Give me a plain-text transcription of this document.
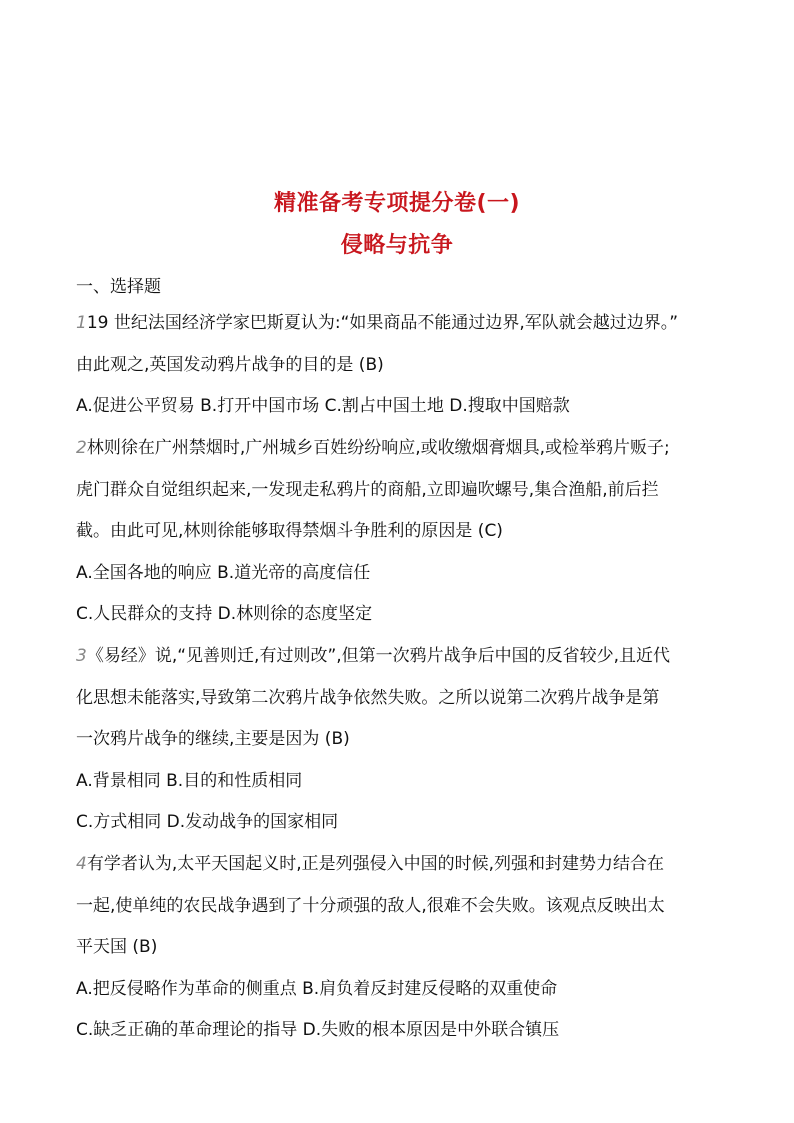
精准备考专项提分卷(一)
侵略与抗争
一、选择题
119 世纪法国经济学家巴斯夏认为:“如果商品不能通过边界,军队就会越过边界。”
由此观之,英国发动鸦片战争的目的是 (B)
A.促进公平贸易 B.打开中国市场 C.割占中国土地 D.搜取中国赔款
2林则徐在广州禁烟时,广州城乡百姓纷纷响应,或收缴烟膏烟具,或检举鸦片贩子;
虎门群众自觉组织起来,一发现走私鸦片的商船,立即遍吹螺号,集合渔船,前后拦
截。由此可见,林则徐能够取得禁烟斗争胜利的原因是 (C)
A.全国各地的响应 B.道光帝的高度信任
C.人民群众的支持 D.林则徐的态度坚定
3《易经》说,“见善则迁,有过则改”,但第一次鸦片战争后中国的反省较少,且近代
化思想未能落实,导致第二次鸦片战争依然失败。之所以说第二次鸦片战争是第
一次鸦片战争的继续,主要是因为 (B)
A.背景相同 B.目的和性质相同
C.方式相同 D.发动战争的国家相同
4有学者认为,太平天国起义时,正是列强侵入中国的时候,列强和封建势力结合在
一起,使单纯的农民战争遇到了十分顽强的敌人,很难不会失败。该观点反映出太
平天国 (B)
A.把反侵略作为革命的侧重点 B.肩负着反封建反侵略的双重使命
C.缺乏正确的革命理论的指导 D.失败的根本原因是中外联合镇压
